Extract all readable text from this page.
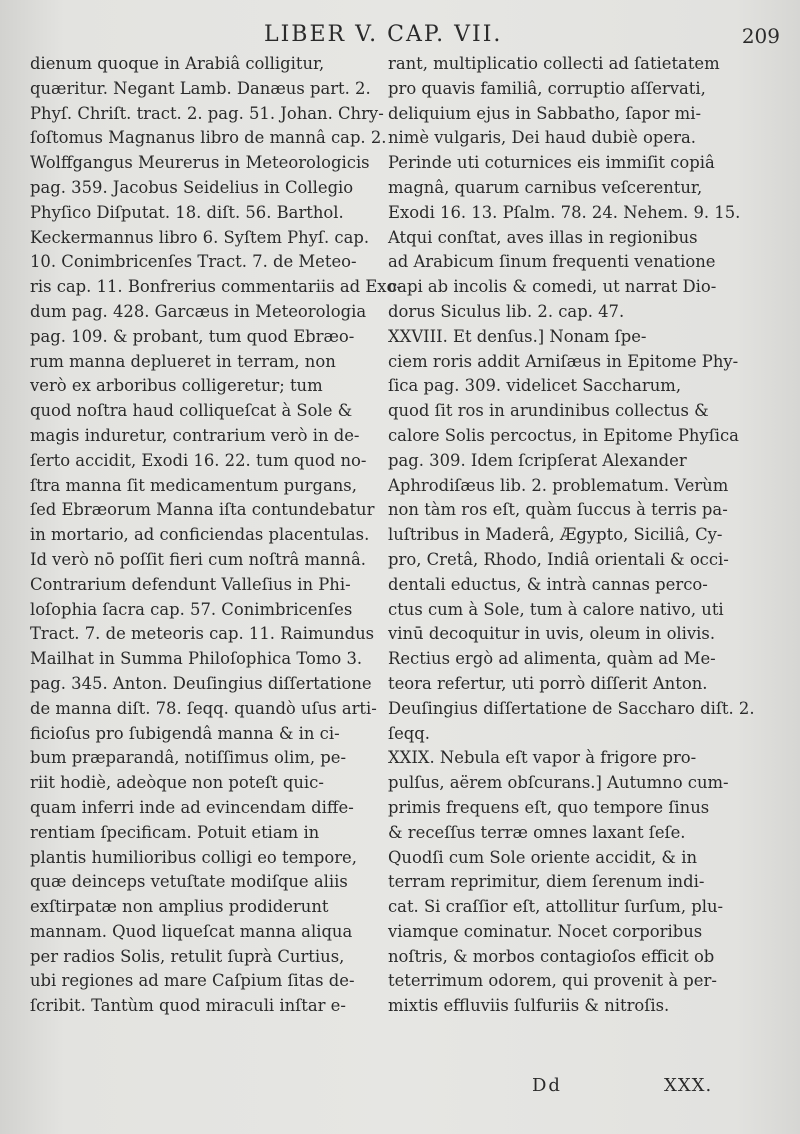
LIBER V. CAP. VII.	209
dienum quoque in Arabiâ colligitur,
quæritur. Negant Lamb. Danæus part. 2.
Phyſ. Chriſt. tract. 2. pag. 51. Johan. Chry-
ſoſtomus Magnanus libro de mannâ cap. 2.
Wolffgangus Meurerus in Meteorologicis
pag. 359. Jacobus Seidelius in Collegio
Phyſico Diſputat. 18. diſt. 56. Barthol.
Keckermannus libro 6. Syſtem Phyſ. cap.
10. Conimbricenſes Tract. 7. de Meteo-
ris cap. 11. Bonfrerius commentariis ad Exo-
dum pag. 428. Garcæus in Meteorologia
pag. 109. & probant, tum quod Ebræo-
rum manna deplueret in terram, non
verò ex arboribus colligeretur; tum
quod noſtra haud colliqueſcat à Sole &
magis induretur, contrarium verò in de-
ſerto accidit, Exodi 16. 22. tum quod no-
ſtra manna ſit medicamentum purgans,
ſed Ebræorum Manna iſta contundebatur
in mortario, ad conficiendas placentulas.
Id verò nō poſſit fieri cum noſtrâ mannâ.
Contrarium defendunt Valleſius in Phi-
loſophia ſacra cap. 57. Conimbricenſes
Tract. 7. de meteoris cap. 11. Raimundus
Mailhat in Summa Philoſophica Tomo 3.
pag. 345. Anton. Deuſingius diſſertatione
de manna diſt. 78. ſeqq. quandò uſus arti-
ficioſus pro ſubigendâ manna & in ci-
bum præparandâ, notiſſimus olim, pe-
riit hodiè, adeòque non poteſt quic-
quam inferri inde ad evincendam diffe-
rentiam ſpecificam. Potuit etiam in
plantis humilioribus colligi eo tempore,
quæ deinceps vetuſtate modiſque aliis
exſtirpatæ non amplius prodiderunt
mannam. Quod liqueſcat manna aliqua
per radios Solis, retulit ſuprà Curtius,
ubi regiones ad mare Caſpium ſitas de-
ſcribit. Tantùm quod miraculi inſtar e-
rant, multiplicatio collecti ad ſatietatem
pro quavis familiâ, corruptio aſſervati,
deliquium ejus in Sabbatho, ſapor mi-
nimè vulgaris, Dei haud dubiè opera.
Perinde uti coturnices eis immiſit copiâ
magnâ, quarum carnibus veſcerentur,
Exodi 16. 13. Pſalm. 78. 24. Nehem. 9. 15.
Atqui conſtat, aves illas in regionibus
ad Arabicum ſinum frequenti venatione
capi ab incolis & comedi, ut narrat Dio-
dorus Siculus lib. 2. cap. 47.
XXVIII. Et denſus.] Nonam ſpe-
ciem roris addit Arniſæus in Epitome Phy-
ſica pag. 309. videlicet Saccharum,
quod ſit ros in arundinibus collectus &
calore Solis percoctus, in Epitome Phyſica
pag. 309. Idem ſcripſerat Alexander
Aphrodiſæus lib. 2. problematum. Verùm
non tàm ros eſt, quàm ſuccus à terris pa-
luſtribus in Maderâ, Ægypto, Siciliâ, Cy-
pro, Cretâ, Rhodo, Indiâ orientali & occi-
dentali eductus, & intrà cannas perco-
ctus cum à Sole, tum à calore nativo, uti
vinū decoquitur in uvis, oleum in olivis.
Rectius ergò ad alimenta, quàm ad Me-
teora refertur, uti porrò diſſerit Anton.
Deuſingius diſſertatione de Sacchаro diſt. 2.
ſeqq.
XXIX. Nebula eſt vapor à frigore pro-
pulſus, aërem obſcurans.] Autumno cum-
primis frequens eſt, quo tempore ſinus
& receſſus terræ omnes laxant ſeſe.
Quodſi cum Sole oriente accidit, & in
terram reprimitur, diem ſerenum indi-
cat. Si craſſior eſt, attollitur ſurſum, plu-
viamque cominatur. Nocet corporibus
noſtris, & morbos contagioſos efficit ob
teterrimum odorem, qui provenit à per-
mixtis effluviis ſulfuriis & nitroſis.
Dd	XXX.
